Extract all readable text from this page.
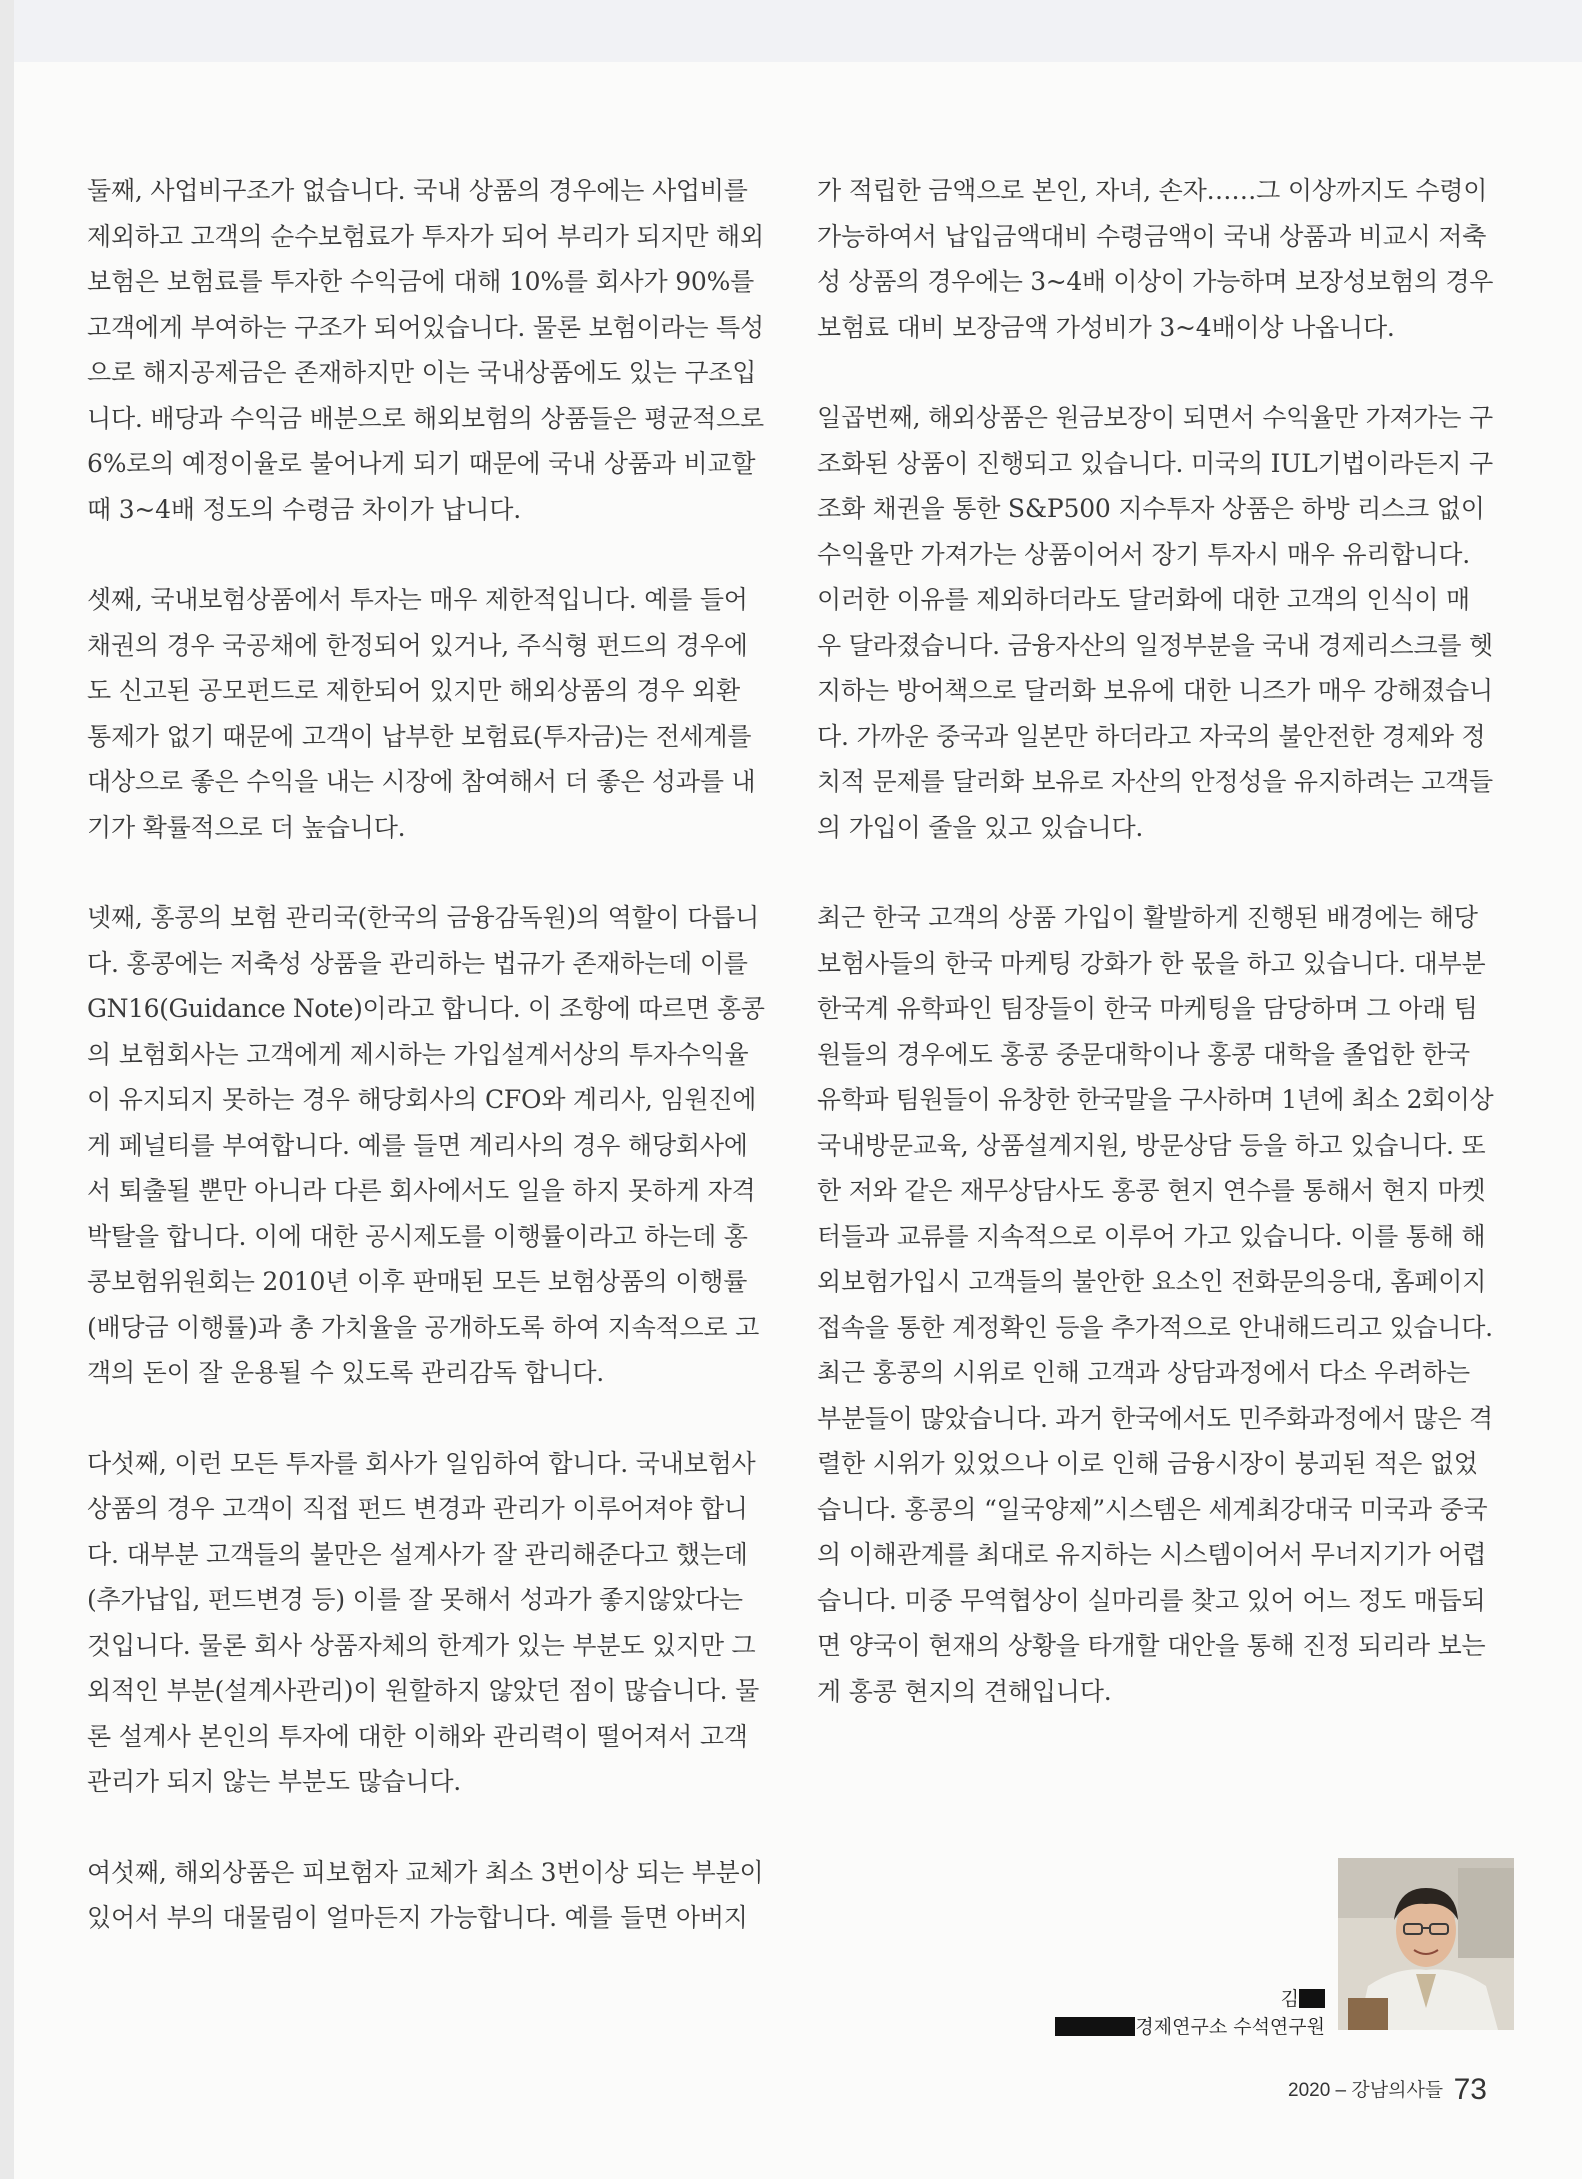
둘째, 사업비구조가 없습니다. 국내 상품의 경우에는 사업비를
제외하고 고객의 순수보험료가 투자가 되어 부리가 되지만 해외
보험은 보험료를 투자한 수익금에 대해 10%를 회사가 90%를
고객에게 부여하는 구조가 되어있습니다. 물론 보험이라는 특성
으로 해지공제금은 존재하지만 이는 국내상품에도 있는 구조입
니다. 배당과 수익금 배분으로 해외보험의 상품들은 평균적으로
6%로의 예정이율로 불어나게 되기 때문에 국내 상품과 비교할
때 3~4배 정도의 수령금 차이가 납니다.
셋째, 국내보험상품에서 투자는 매우 제한적입니다. 예를 들어
채권의 경우 국공채에 한정되어 있거나, 주식형 펀드의 경우에
도 신고된 공모펀드로 제한되어 있지만 해외상품의 경우 외환
통제가 없기 때문에 고객이 납부한 보험료(투자금)는 전세계를
대상으로 좋은 수익을 내는 시장에 참여해서 더 좋은 성과를 내
기가 확률적으로 더 높습니다.
넷째, 홍콩의 보험 관리국(한국의 금융감독원)의 역할이 다릅니
다. 홍콩에는 저축성 상품을 관리하는 법규가 존재하는데 이를
GN16(Guidance Note)이라고 합니다. 이 조항에 따르면 홍콩
의 보험회사는 고객에게 제시하는 가입설계서상의 투자수익율
이 유지되지 못하는 경우 해당회사의 CFO와 계리사, 임원진에
게 페널티를 부여합니다. 예를 들면 계리사의 경우 해당회사에
서 퇴출될 뿐만 아니라 다른 회사에서도 일을 하지 못하게 자격
박탈을 합니다. 이에 대한 공시제도를 이행률이라고 하는데 홍
콩보험위원회는 2010년 이후 판매된 모든 보험상품의 이행률
(배당금 이행률)과 총 가치율을 공개하도록 하여 지속적으로 고
객의 돈이 잘 운용될 수 있도록 관리감독 합니다.
다섯째, 이런 모든 투자를 회사가 일임하여 합니다. 국내보험사
상품의 경우 고객이 직접 펀드 변경과 관리가 이루어져야 합니
다. 대부분 고객들의 불만은 설계사가 잘 관리해준다고 했는데
(추가납입, 펀드변경 등) 이를 잘 못해서 성과가 좋지않았다는
것입니다. 물론 회사 상품자체의 한계가 있는 부분도 있지만 그
외적인 부분(설계사관리)이 원할하지 않았던 점이 많습니다. 물
론 설계사 본인의 투자에 대한 이해와 관리력이 떨어져서 고객
관리가 되지 않는 부분도 많습니다.
여섯째, 해외상품은 피보험자 교체가 최소 3번이상 되는 부분이
있어서 부의 대물림이 얼마든지 가능합니다. 예를 들면 아버지
가 적립한 금액으로 본인, 자녀, 손자……그 이상까지도 수령이
가능하여서 납입금액대비 수령금액이 국내 상품과 비교시 저축
성 상품의 경우에는 3~4배 이상이 가능하며 보장성보험의 경우
보험료 대비 보장금액 가성비가 3~4배이상 나옵니다.
일곱번째, 해외상품은 원금보장이 되면서 수익율만 가져가는 구
조화된 상품이 진행되고 있습니다. 미국의 IUL기법이라든지 구
조화 채권을 통한 S&P500 지수투자 상품은 하방 리스크 없이
수익율만 가져가는 상품이어서 장기 투자시 매우 유리합니다.
이러한 이유를 제외하더라도 달러화에 대한 고객의 인식이 매
우 달라졌습니다. 금융자산의 일정부분을 국내 경제리스크를 헷
지하는 방어책으로 달러화 보유에 대한 니즈가 매우 강해졌습니
다. 가까운 중국과 일본만 하더라고 자국의 불안전한 경제와 정
치적 문제를 달러화 보유로 자산의 안정성을 유지하려는 고객들
의 가입이 줄을 있고 있습니다.
최근 한국 고객의 상품 가입이 활발하게 진행된 배경에는 해당
보험사들의 한국 마케팅 강화가 한 몫을 하고 있습니다. 대부분
한국계 유학파인 팀장들이 한국 마케팅을 담당하며 그 아래 팀
원들의 경우에도 홍콩 중문대학이나 홍콩 대학을 졸업한 한국
유학파 팀원들이 유창한 한국말을 구사하며 1년에 최소 2회이상
국내방문교육, 상품설계지원, 방문상담 등을 하고 있습니다. 또
한 저와 같은 재무상담사도 홍콩 현지 연수를 통해서 현지 마켓
터들과 교류를 지속적으로 이루어 가고 있습니다. 이를 통해 해
외보험가입시 고객들의 불안한 요소인 전화문의응대, 홈페이지
접속을 통한 계정확인 등을 추가적으로 안내해드리고 있습니다.
최근 홍콩의 시위로 인해 고객과 상담과정에서 다소 우려하는
부분들이 많았습니다. 과거 한국에서도 민주화과정에서 많은 격
렬한 시위가 있었으나 이로 인해 금융시장이 붕괴된 적은 없었
습니다. 홍콩의 “일국양제”시스템은 세계최강대국 미국과 중국
의 이해관계를 최대로 유지하는 시스템이어서 무너지기가 어렵
습니다. 미중 무역협상이 실마리를 찾고 있어 어느 정도 매듭되
면 양국이 현재의 상황을 타개할 대안을 통해 진정 되리라 보는
게 홍콩 현지의 견해입니다.
김
경제연구소 수석연구원
2020 – 강남의사들 73
